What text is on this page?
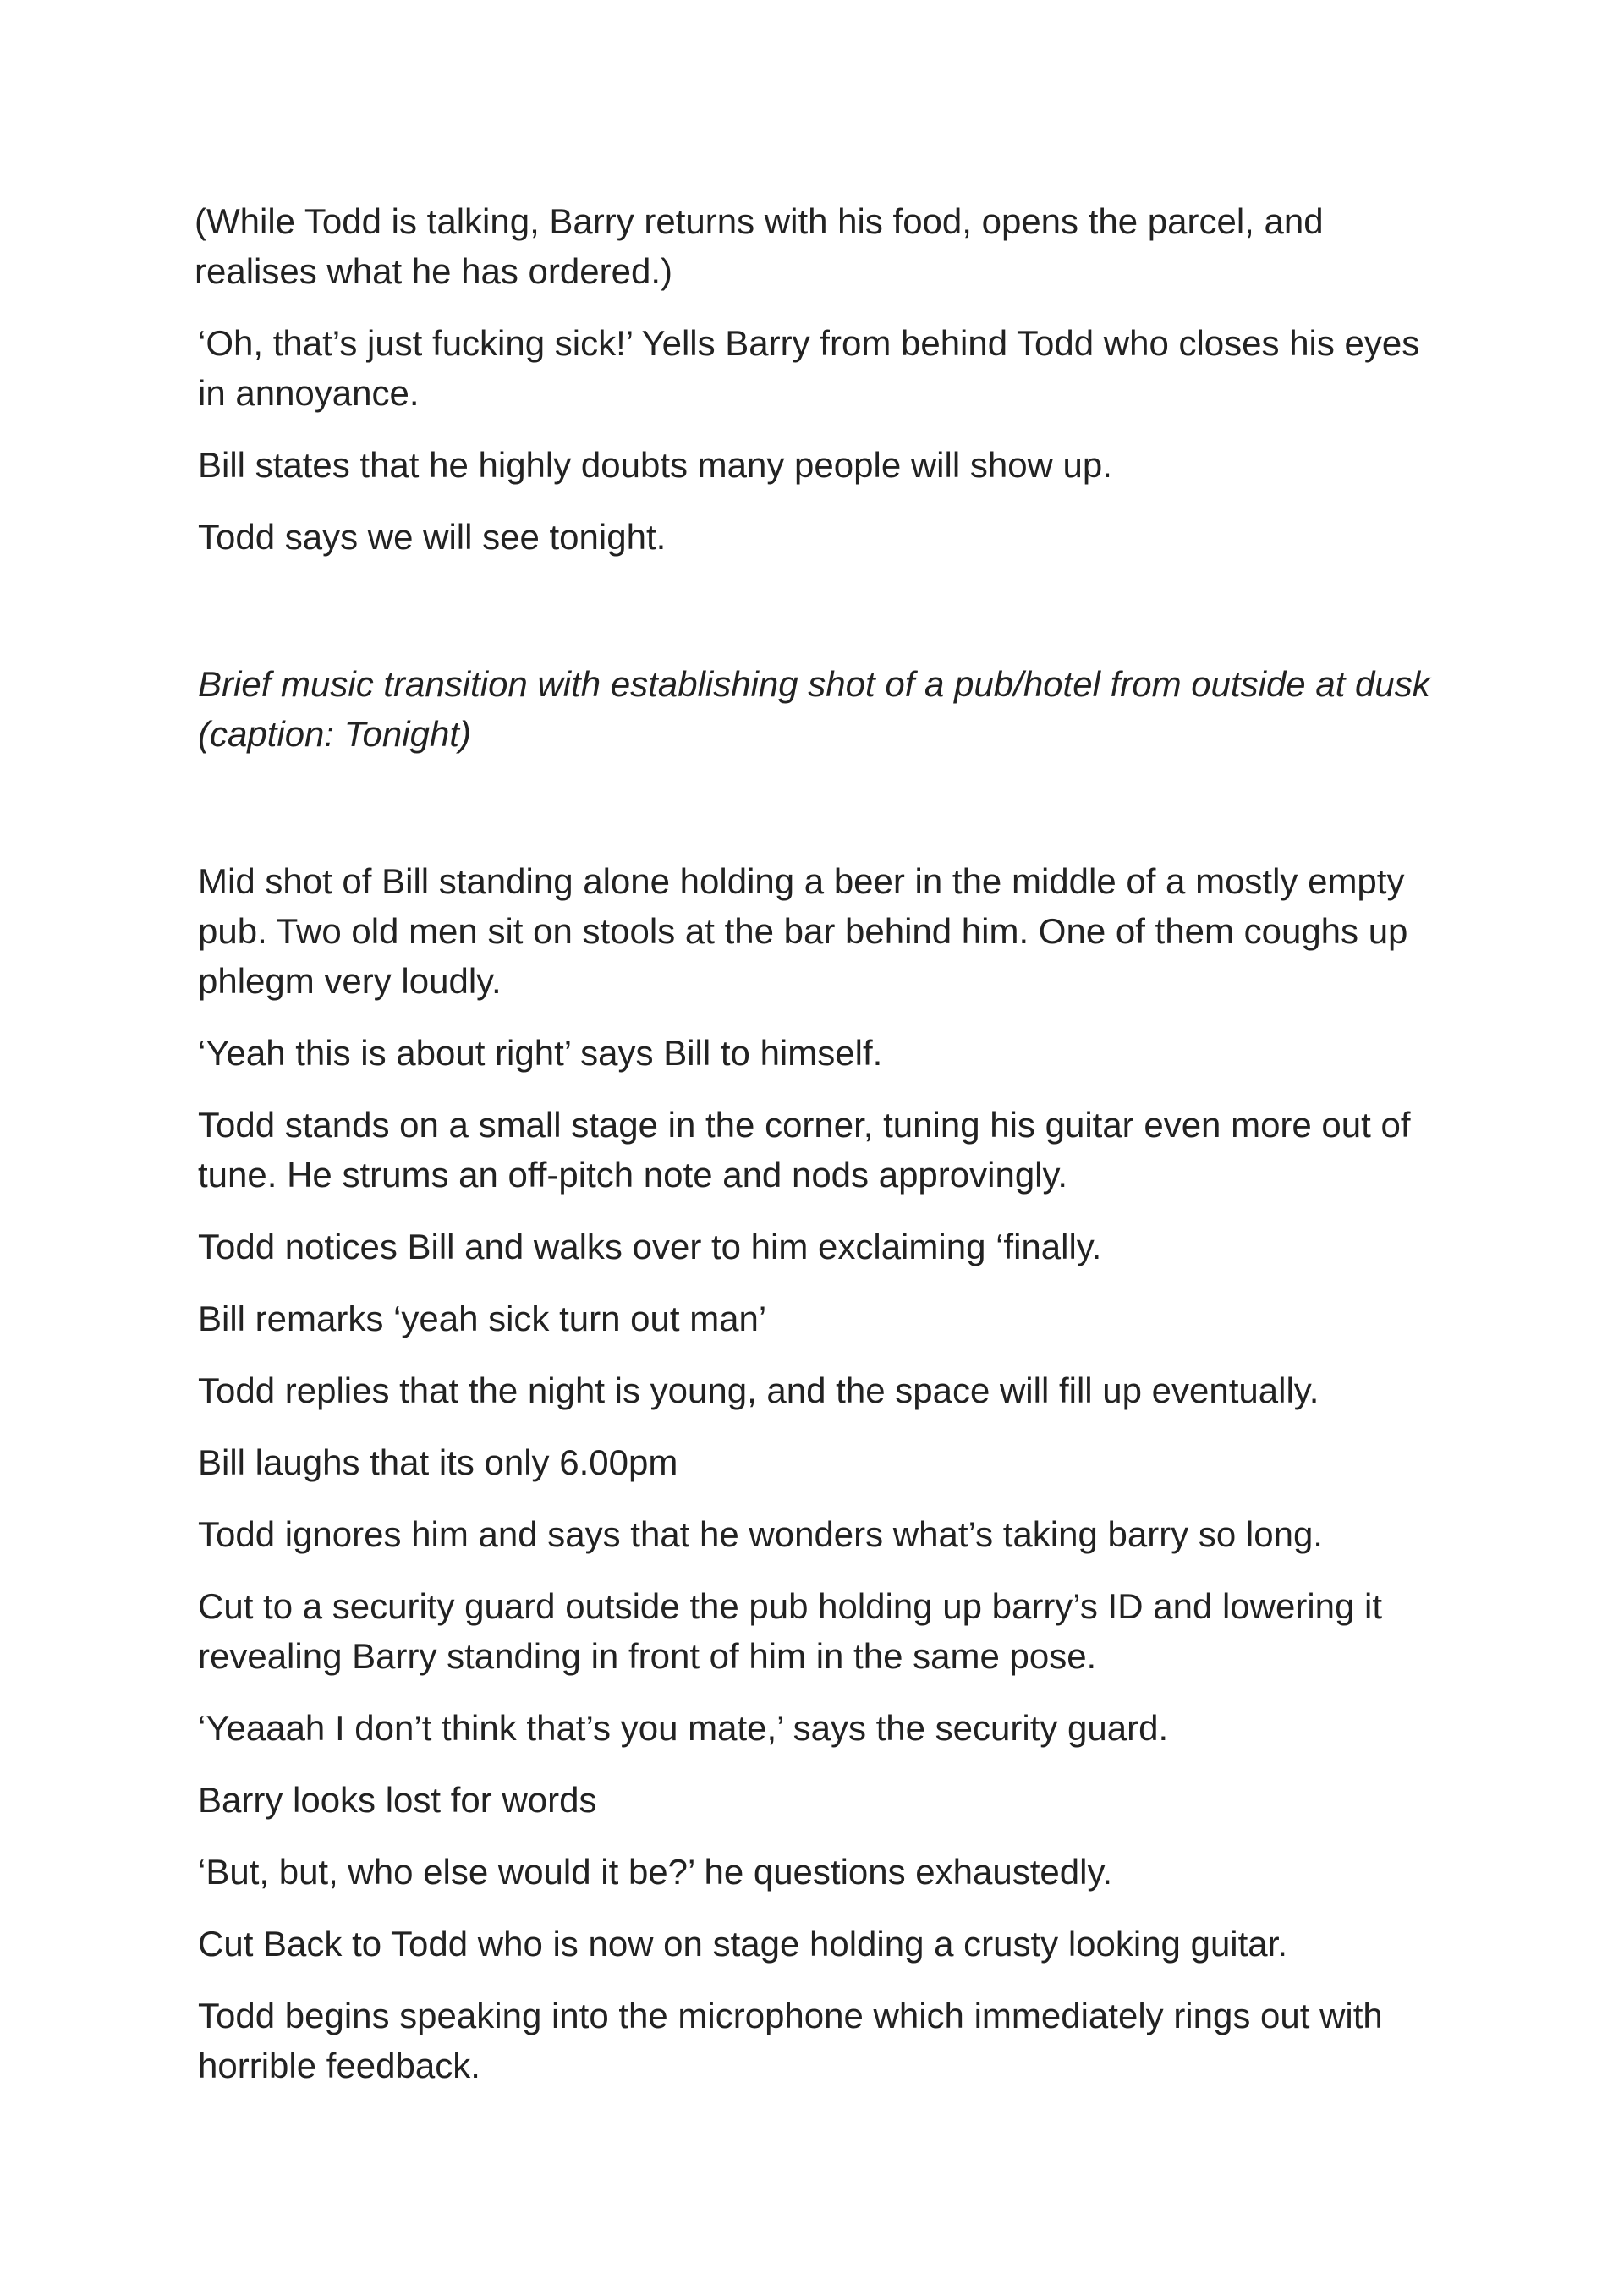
(While Todd is talking, Barry returns with his food, opens the parcel, and realises what he has ordered.)

‘Oh, that’s just fucking sick!’ Yells Barry from behind Todd who closes his eyes in annoyance.

Bill states that he highly doubts many people will show up.

Todd says we will see tonight.

Brief music transition with establishing shot of a pub/hotel from outside at dusk (caption: Tonight)

Mid shot of Bill standing alone holding a beer in the middle of a mostly empty pub. Two old men sit on stools at the bar behind him. One of them coughs up phlegm very loudly.

‘Yeah this is about right’ says Bill to himself.

Todd stands on a small stage in the corner, tuning his guitar even more out of tune. He strums an off-pitch note and nods approvingly.

Todd notices Bill and walks over to him exclaiming ‘finally.

Bill remarks ‘yeah sick turn out man’

Todd replies that the night is young, and the space will fill up eventually.

Bill laughs that its only 6.00pm

Todd ignores him and says that he wonders what’s taking barry so long.

Cut to a security guard outside the pub holding up barry’s ID and lowering it revealing Barry standing in front of him in the same pose.

‘Yeaaah I don’t think that’s you mate,’ says the security guard.

Barry looks lost for words

‘But, but, who else would it be?’ he questions exhaustedly.

Cut Back to Todd who is now on stage holding a crusty looking guitar.

Todd begins speaking into the microphone which immediately rings out with horrible feedback.
